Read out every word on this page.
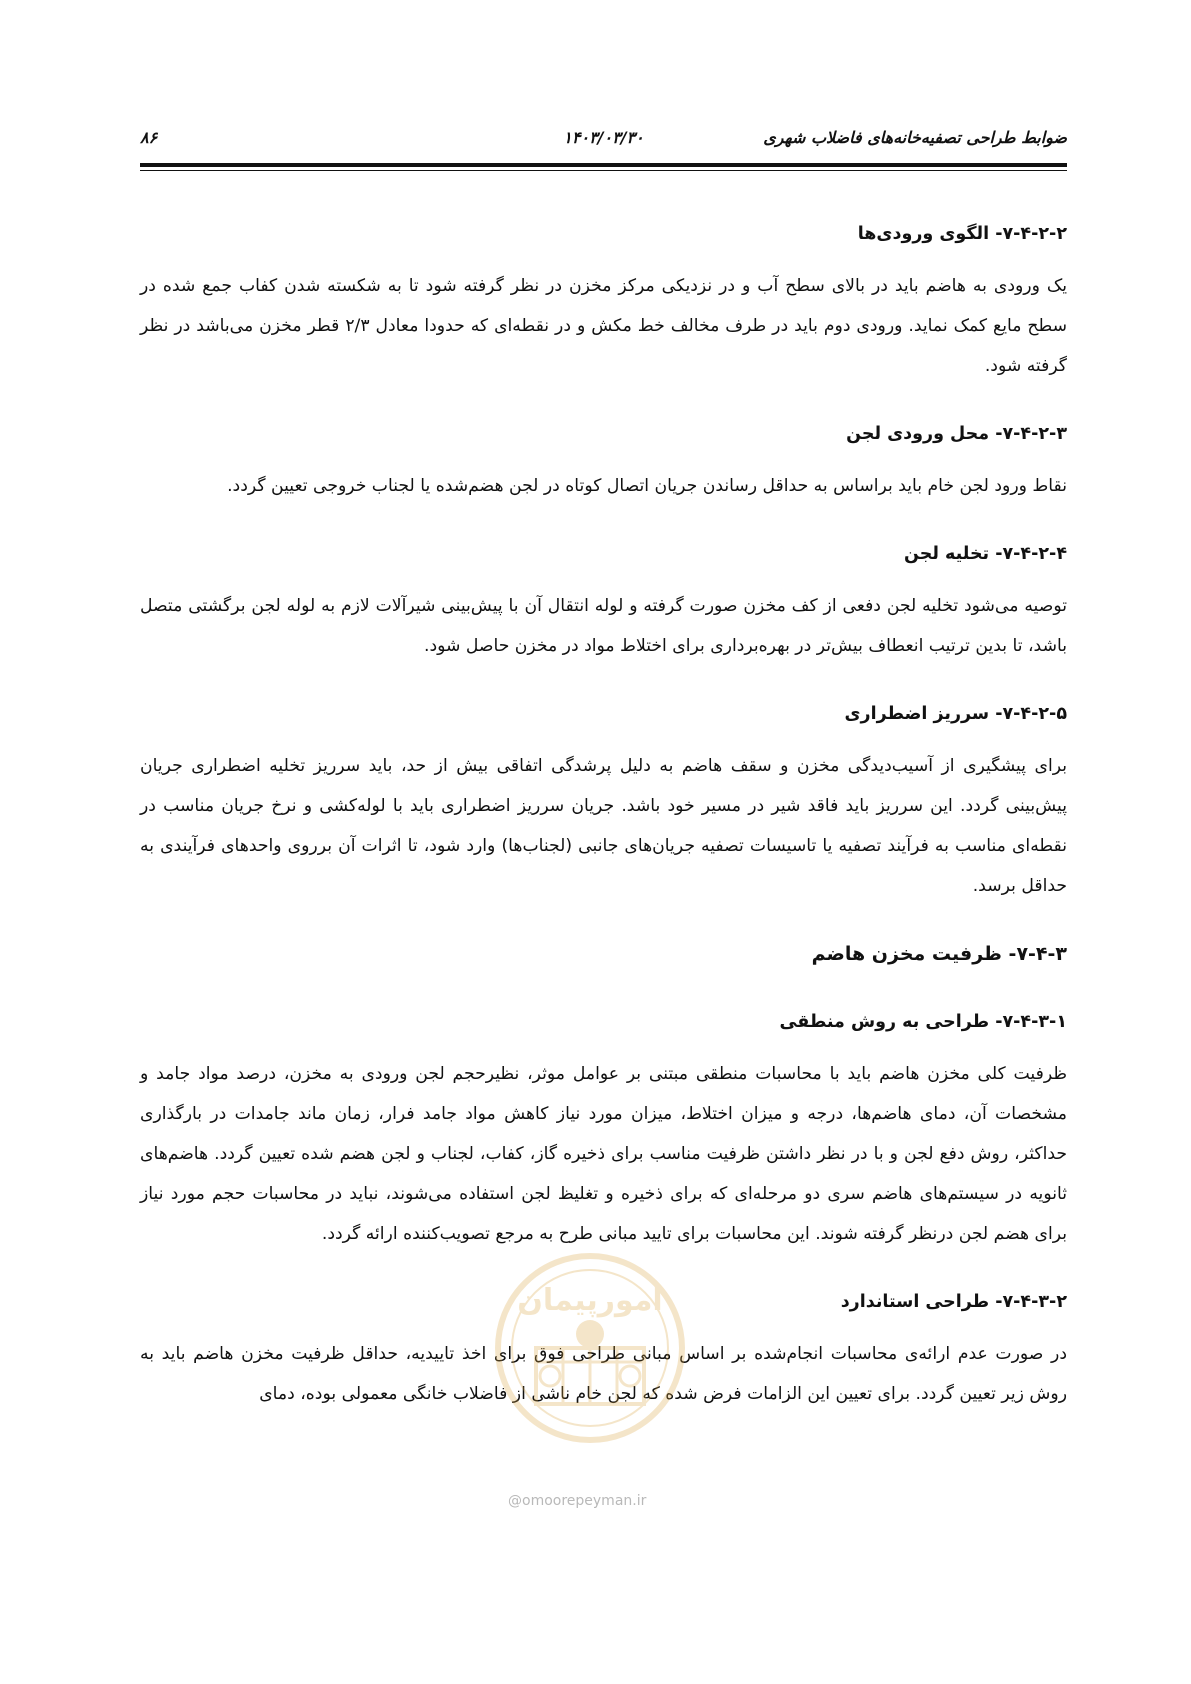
ضوابط طراحی تصفیه‌خانه‌های فاضلاب شهری
۱۴۰۳/۰۳/۳۰
۸۶
۷-۴-۲-۲- الگوی ورودی‌ها

یک ورودی به هاضم باید در بالای سطح آب و در نزدیکی مرکز مخزن در نظر گرفته شود تا به شکسته شدن کفاب جمع شده در سطح مایع کمک نماید. ورودی دوم باید در طرف مخالف خط مکش و در نقطه‌ای که حدودا معادل ۲/۳ قطر مخزن می‌باشد در نظر گرفته شود.

۷-۴-۲-۳- محل ورودی لجن

نقاط ورود لجن خام باید براساس به حداقل رساندن جریان اتصال کوتاه در لجن هضم‌شده یا لجناب خروجی تعیین گردد.

۷-۴-۲-۴- تخلیه لجن

توصیه می‌شود تخلیه لجن دفعی از کف مخزن صورت گرفته و لوله انتقال آن با پیش‌بینی شیرآلات لازم به لوله لجن برگشتی متصل باشد، تا بدین ترتیب انعطاف بیش‌تر در بهره‌برداری برای اختلاط مواد در مخزن حاصل شود.

۷-۴-۲-۵- سرریز اضطراری

برای پیشگیری از آسیب‌دیدگی مخزن و سقف هاضم به دلیل پرشدگی اتفاقی بیش از حد، باید سرریز تخلیه اضطراری جریان پیش‌بینی گردد. این سرریز باید فاقد شیر در مسیر خود باشد. جریان سرریز اضطراری باید با لوله‌کشی و نرخ جریان مناسب در نقطه‌ای مناسب به فرآیند تصفیه یا تاسیسات تصفیه جریان‌های جانبی (لجناب‌ها) وارد شود، تا اثرات آن برروی واحدهای فرآیندی به حداقل برسد.

۷-۴-۳- ظرفیت مخزن هاضم
۷-۴-۳-۱- طراحی به روش منطقی

ظرفیت کلی مخزن هاضم باید با محاسبات منطقی مبتنی بر عوامل موثر، نظیرحجم لجن ورودی به مخزن، درصد مواد جامد و مشخصات آن، دمای هاضم‌ها، درجه و میزان اختلاط، میزان مورد نیاز کاهش مواد جامد فرار، زمان ماند جامدات در بارگذاری حداکثر، روش دفع لجن و با در نظر داشتن ظرفیت مناسب برای ذخیره گاز، کفاب، لجناب و لجن هضم شده تعیین گردد. هاضم‌های ثانویه در سیستم‌های هاضم سری دو مرحله‌ای که برای ذخیره و تغلیظ لجن استفاده می‌شوند، نباید در محاسبات حجم مورد نیاز برای هضم لجن درنظر گرفته شوند. این محاسبات برای تایید مبانی طرح به مرجع تصویب‌کننده ارائه گردد.

۷-۴-۳-۲- طراحی استاندارد

در صورت عدم ارائه‌ی محاسبات انجام‌شده بر اساس مبانی طراحی فوق برای اخذ تاییدیه، حداقل ظرفیت مخزن هاضم باید به روش زیر تعیین گردد. برای تعیین این الزامات فرض شده که لجن خام ناشی از فاضلاب خانگی معمولی بوده، دمای

امورپیمان
@omoorepeyman.ir
